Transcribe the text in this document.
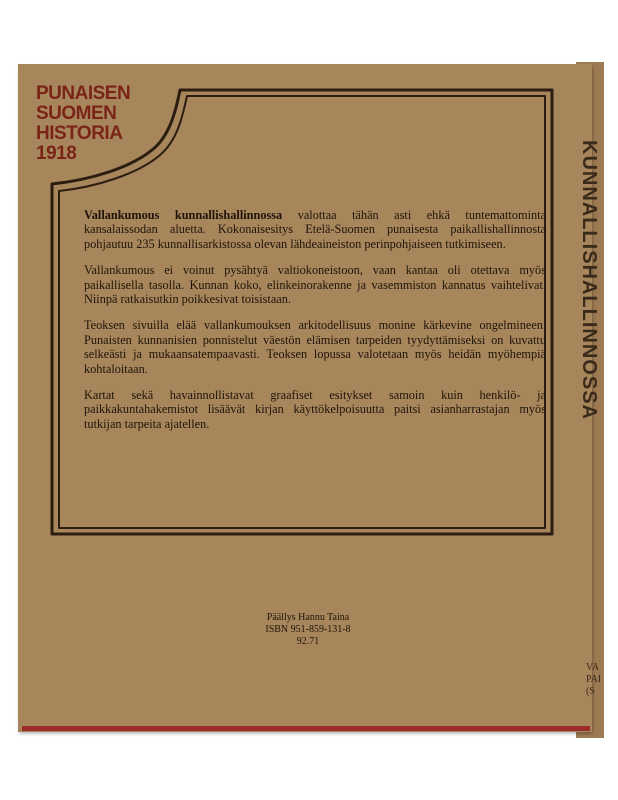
KUNNALLISHALLINNOSSA
VA
PAI
(S
PUNAISEN
SUOMEN
HISTORIA
1918

Vallankumous kunnallishallinnossa valottaa tähän asti ehkä tuntemattominta kansalaissodan aluetta. Kokonaisesitys Etelä-Suomen punaisesta paikallishallinnosta pohjautuu 235 kunnallisarkistossa olevan lähdeaineiston perinpohjaiseen tutkimiseen.

Vallankumous ei voinut pysähtyä valtiokoneistoon, vaan kantaa oli otettava myös paikallisella tasolla. Kunnan koko, elinkeinorakenne ja vasemmiston kannatus vaihtelivat. Niinpä ratkaisutkin poikkesivat toisistaan.

Teoksen sivuilla elää vallankumouksen arkitodellisuus monine kärkevine ongelmineen. Punaisten kunnanisien ponnistelut väestön elämisen tarpeiden tyydyttämiseksi on kuvattu selkeästi ja mukaansatempaavasti. Teoksen lopussa valotetaan myös heidän myöhempiä kohtaloitaan.

Kartat sekä havainnollistavat graafiset esitykset samoin kuin henkilö- ja paikkakuntahakemistot lisäävät kirjan käyttökelpoisuutta paitsi asianharrastajan myös tutkijan tarpeita ajatellen.

Päällys Hannu Taina
ISBN 951-859-131-8
92.71
